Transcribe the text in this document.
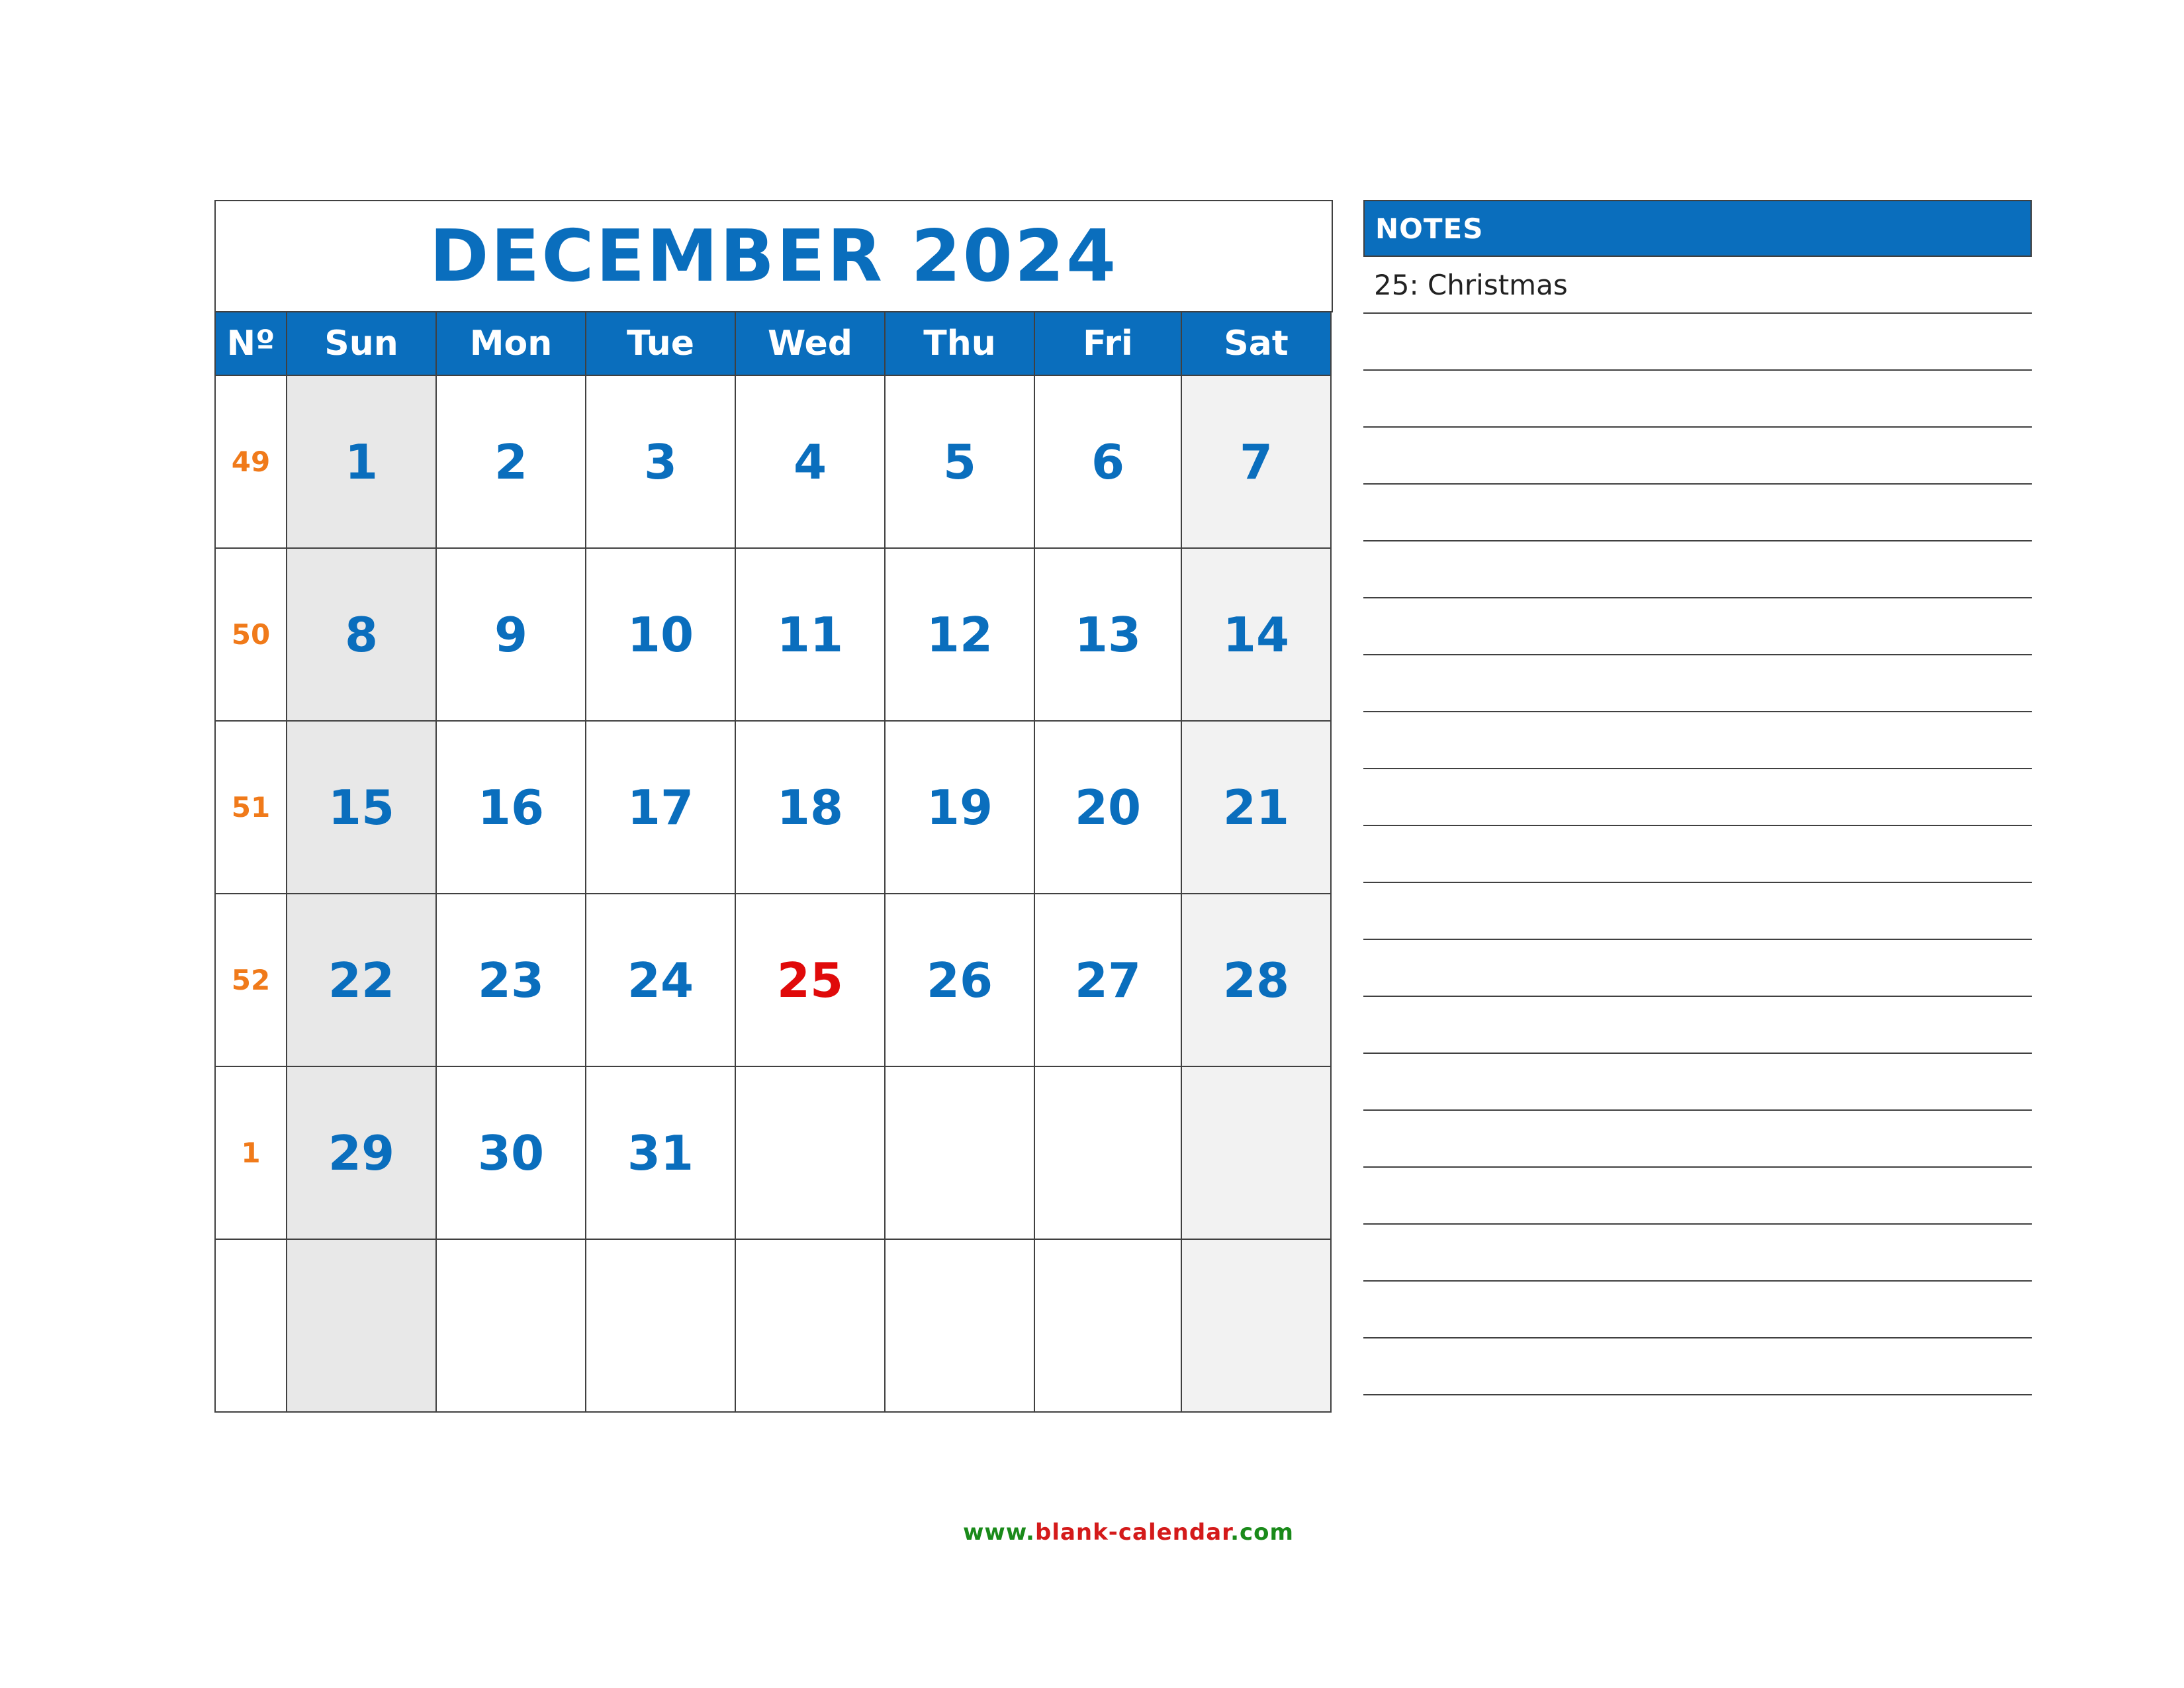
DECEMBER 2024
Nº	Sun	Mon	Tue	Wed	Thu	Fri	Sat
49	1	2	3	4	5	6	7
50	8	9	10	11	12	13	14
51	15	16	17	18	19	20	21
52	22	23	24	25	26	27	28
1	29	30	31				

NOTES
25: Christmas
www.blank-calendar.com
